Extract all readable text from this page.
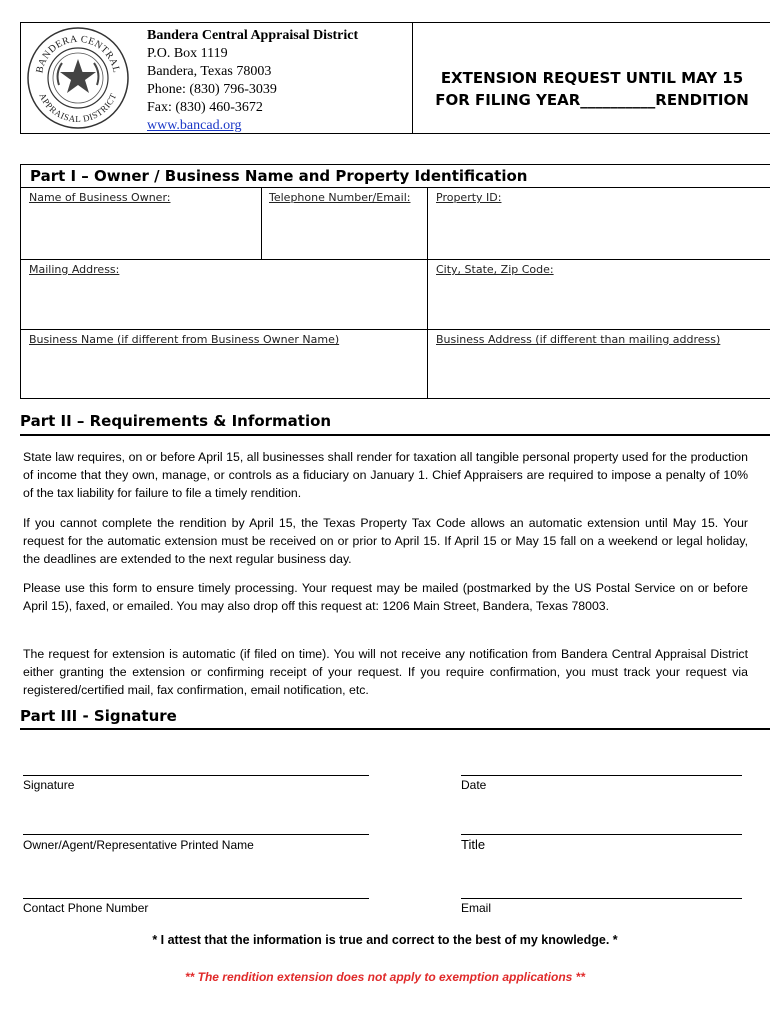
BANDERA CENTRAL
APPRAISAL DISTRICT
Bandera Central Appraisal District
P.O. Box 1119
Bandera, Texas 78003
Phone: (830) 796-3039
Fax: (830) 460-3672
www.bancad.org
EXTENSION REQUEST UNTIL MAY 15
FOR FILING YEAR__________RENDITION
Part I – Owner / Business Name and Property Identification
Name of Business Owner:	Telephone Number/Email:	Property ID:
Mailing Address:	City, State, Zip Code:
Business Name (if different from Business Owner Name)	Business Address (if different than mailing address)
Part II – Requirements & Information
State law requires, on or before April 15, all businesses shall render for taxation all tangible personal property used for the production of income that they own, manage, or controls as a fiduciary on January 1. Chief Appraisers are required to impose a penalty of 10% of the tax liability for failure to file a timely rendition.
If you cannot complete the rendition by April 15, the Texas Property Tax Code allows an automatic extension until May 15. Your request for the automatic extension must be received on or prior to April 15. If April 15 or May 15 fall on a weekend or legal holiday, the deadlines are extended to the next regular business day.
Please use this form to ensure timely processing. Your request may be mailed (postmarked by the US Postal Service on or before April 15), faxed, or emailed. You may also drop off this request at: 1206 Main Street, Bandera, Texas 78003.
The request for extension is automatic (if filed on time). You will not receive any notification from Bandera Central Appraisal District either granting the extension or confirming receipt of your request. If you require confirmation, you must track your request via registered/certified mail, fax confirmation, email notification, etc.
Part III - Signature
Signature	Date
Owner/Agent/Representative Printed Name	Title
Contact Phone Number	Email
* I attest that the information is true and correct to the best of my knowledge. *
** The rendition extension does not apply to exemption applications **
